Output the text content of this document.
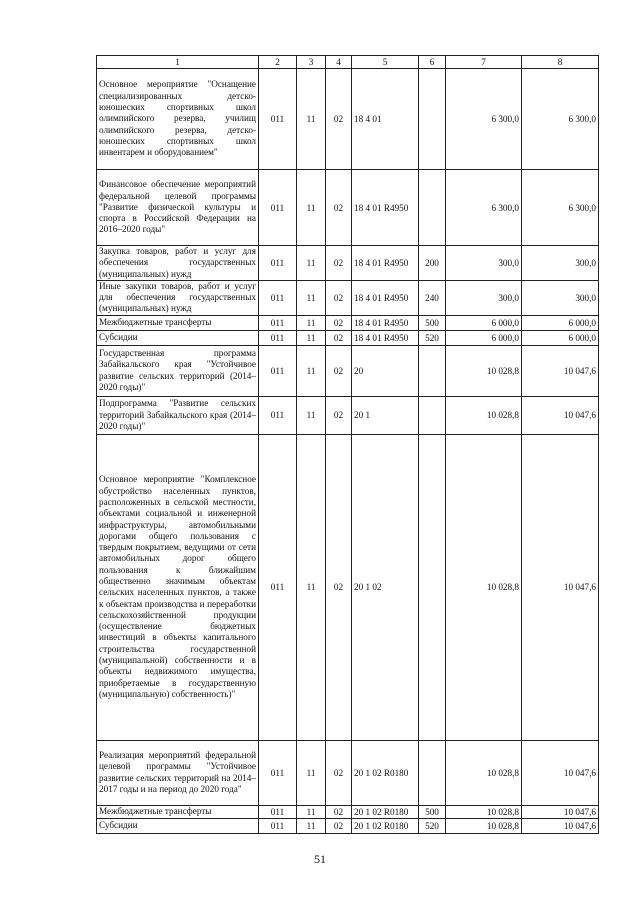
1	2	3	4	5	6	7	8
Основное мероприятие "Оснащение специализированных детско-юношеских спортивных школ олимпийского резерва, училищ олимпийского резерва, детско-юношеских спортивных школ инвентарем и оборудованием"	011	11	02	18 4 01		6 300,0	6 300,0
Финансовое обеспечение мероприятий федеральной целевой программы "Развитие физической культуры и спорта в Российской Федерации на 2016–2020 годы"	011	11	02	18 4 01 R4950		6 300,0	6 300,0
Закупка товаров, работ и услуг для обеспечения государственных (муниципальных) нужд	011	11	02	18 4 01 R4950	200	300,0	300,0
Иные закупки товаров, работ и услуг для обеспечения государственных (муниципальных) нужд	011	11	02	18 4 01 R4950	240	300,0	300,0
Межбюджетные трансферты	011	11	02	18 4 01 R4950	500	6 000,0	6 000,0
Субсидии	011	11	02	18 4 01 R4950	520	6 000,0	6 000,0
Государственная программа Забайкальского края "Устойчивое развитие сельских территорий (2014–2020 годы)"	011	11	02	20		10 028,8	10 047,6
Подпрограмма "Развитие сельских территорий Забайкальского края (2014–2020 годы)"	011	11	02	20 1		10 028,8	10 047,6
Основное мероприятие "Комплексное обустройство населенных пунктов, расположенных в сельской местности, объектами социальной и инженерной инфраструктуры, автомобильными дорогами общего пользования с твердым покрытием, ведущими от сети автомобильных дорог общего пользования к ближайшим общественно значимым объектам сельских населенных пунктов, а также к объектам производства и переработки сельскохозяйственной продукции (осуществление бюджетных инвестиций в объекты капитального строительства государственной (муниципальной) собственности и в объекты недвижимого имущества, приобретаемые в государственную (муниципальную) собственность)"	011	11	02	20 1 02		10 028,8	10 047,6
Реализация мероприятий федеральной целевой программы "Устойчивое развитие сельских территорий на 2014–2017 годы и на период до 2020 года"	011	11	02	20 1 02 R0180		10 028,8	10 047,6
Межбюджетные трансферты	011	11	02	20 1 02 R0180	500	10 028,8	10 047,6
Субсидии	011	11	02	20 1 02 R0180	520	10 028,8	10 047,6
51
